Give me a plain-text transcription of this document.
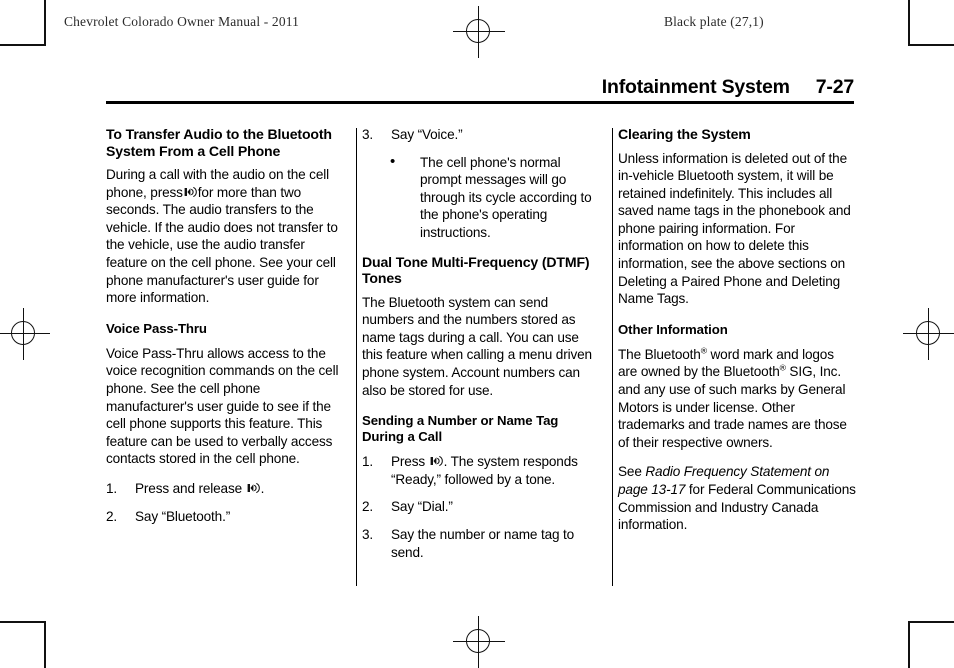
Chevrolet Colorado Owner Manual - 2011	Black plate (27,1)
Infotainment System 7-27
To Transfer Audio to the Bluetooth System From a Cell Phone

During a call with the audio on the cell phone, press for more than two seconds. The audio transfers to the vehicle. If the audio does not transfer to the vehicle, use the audio transfer feature on the cell phone. See your cell phone manufacturer's user guide for more information.

Voice Pass-Thru

Voice Pass-Thru allows access to the voice recognition commands on the cell phone. See the cell phone manufacturer's user guide to see if the cell phone supports this feature. This feature can be used to verbally access contacts stored in the cell phone.

1.	Press and release .
2.	Say “Bluetooth.”
3.	Say “Voice.”
• The cell phone's normal prompt messages will go through its cycle according to the phone's operating instructions.
Dual Tone Multi-Frequency (DTMF) Tones

The Bluetooth system can send numbers and the numbers stored as name tags during a call. You can use this feature when calling a menu driven phone system. Account numbers can also be stored for use.

Sending a Number or Name Tag During a Call
1.	Press . The system responds “Ready,” followed by a tone.
2.	Say “Dial.”
3.	Say the number or name tag to send.
Clearing the System

Unless information is deleted out of the in-vehicle Bluetooth system, it will be retained indefinitely. This includes all saved name tags in the phonebook and phone pairing information. For information on how to delete this information, see the above sections on Deleting a Paired Phone and Deleting Name Tags.

Other Information

The Bluetooth® word mark and logos are owned by the Bluetooth® SIG, Inc. and any use of such marks by General Motors is under license. Other trademarks and trade names are those of their respective owners.

See Radio Frequency Statement on page 13-17 for Federal Communications Commission and Industry Canada information.
